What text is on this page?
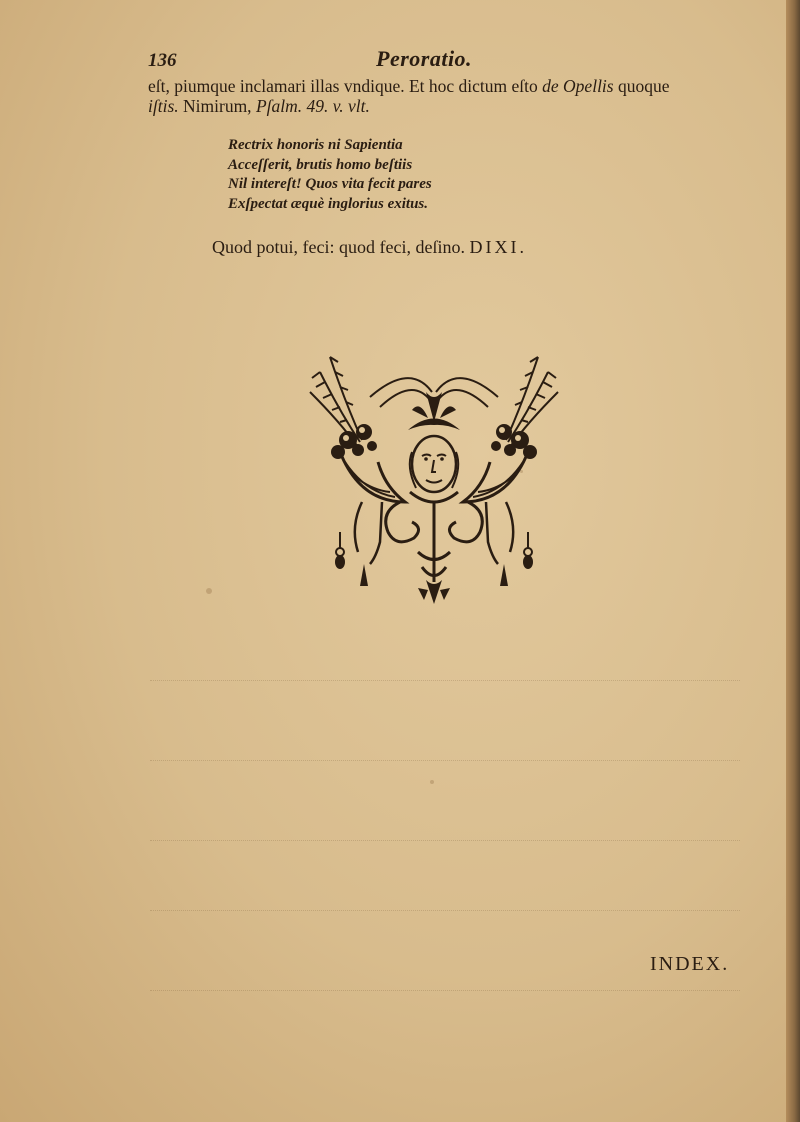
136	Peroratio.
eſt, piumque inclamari illas vndique. Et hoc dictum eſto de Opellis quoque
iſtis. Nimirum, Pſalm. 49. v. vlt.
Rectrix honoris ni Sapientia
Acceſſerit, brutis homo beſtiis
Nil intereſt! Quos vita fecit pares
Exſpectat æquè inglorius exitus.
Quod potui, feci: quod feci, deſino. DIXI.
INDEX.
